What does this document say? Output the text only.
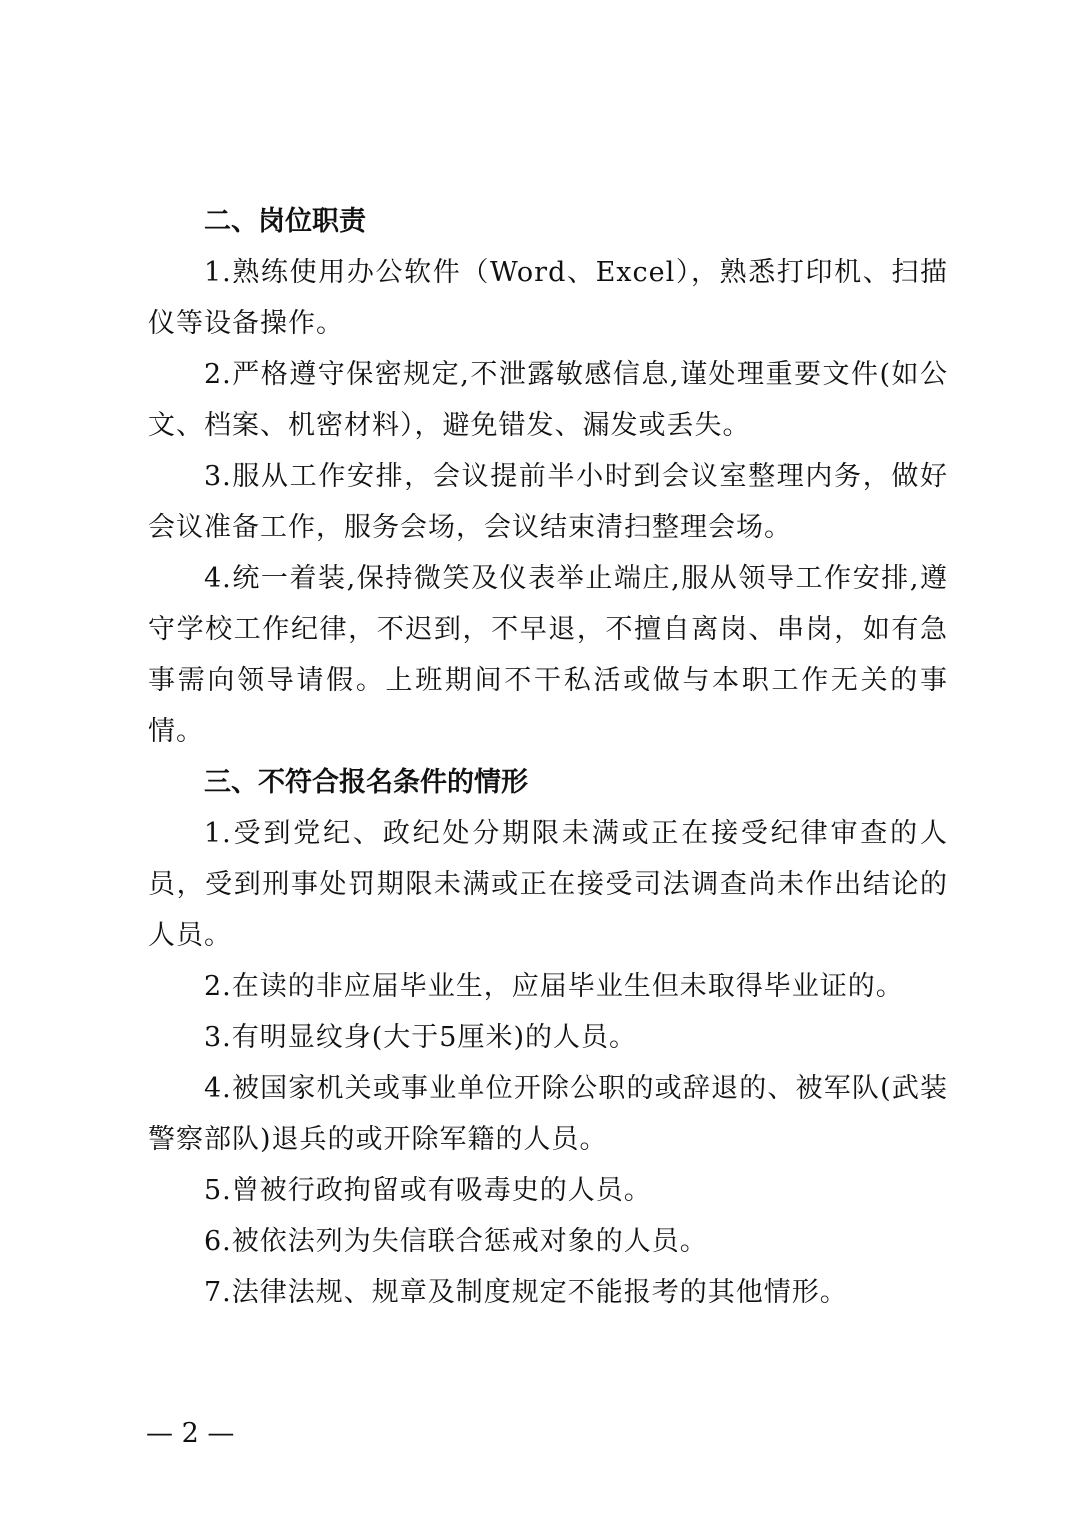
二、岗位职责

1.熟练使用办公软件（Word、Excel），熟悉打印机、扫描仪等设备操作。

2.严格遵守保密规定,不泄露敏感信息,谨处理重要文件(如公文、档案、机密材料），避免错发、漏发或丢失。

3.服从工作安排，会议提前半小时到会议室整理内务，做好会议准备工作，服务会场，会议结束清扫整理会场。

4.统一着装,保持微笑及仪表举止端庄,服从领导工作安排,遵守学校工作纪律，不迟到，不早退，不擅自离岗、串岗，如有急事需向领导请假。上班期间不干私活或做与本职工作无关的事情。

三、不符合报名条件的情形

1.受到党纪、政纪处分期限未满或正在接受纪律审查的人员，受到刑事处罚期限未满或正在接受司法调查尚未作出结论的人员。

2.在读的非应届毕业生，应届毕业生但未取得毕业证的。

3.有明显纹身(大于5厘米)的人员。

4.被国家机关或事业单位开除公职的或辞退的、被军队(武装警察部队)退兵的或开除军籍的人员。

5.曾被行政拘留或有吸毒史的人员。

6.被依法列为失信联合惩戒对象的人员。

7.法律法规、规章及制度规定不能报考的其他情形。

— 2 —
